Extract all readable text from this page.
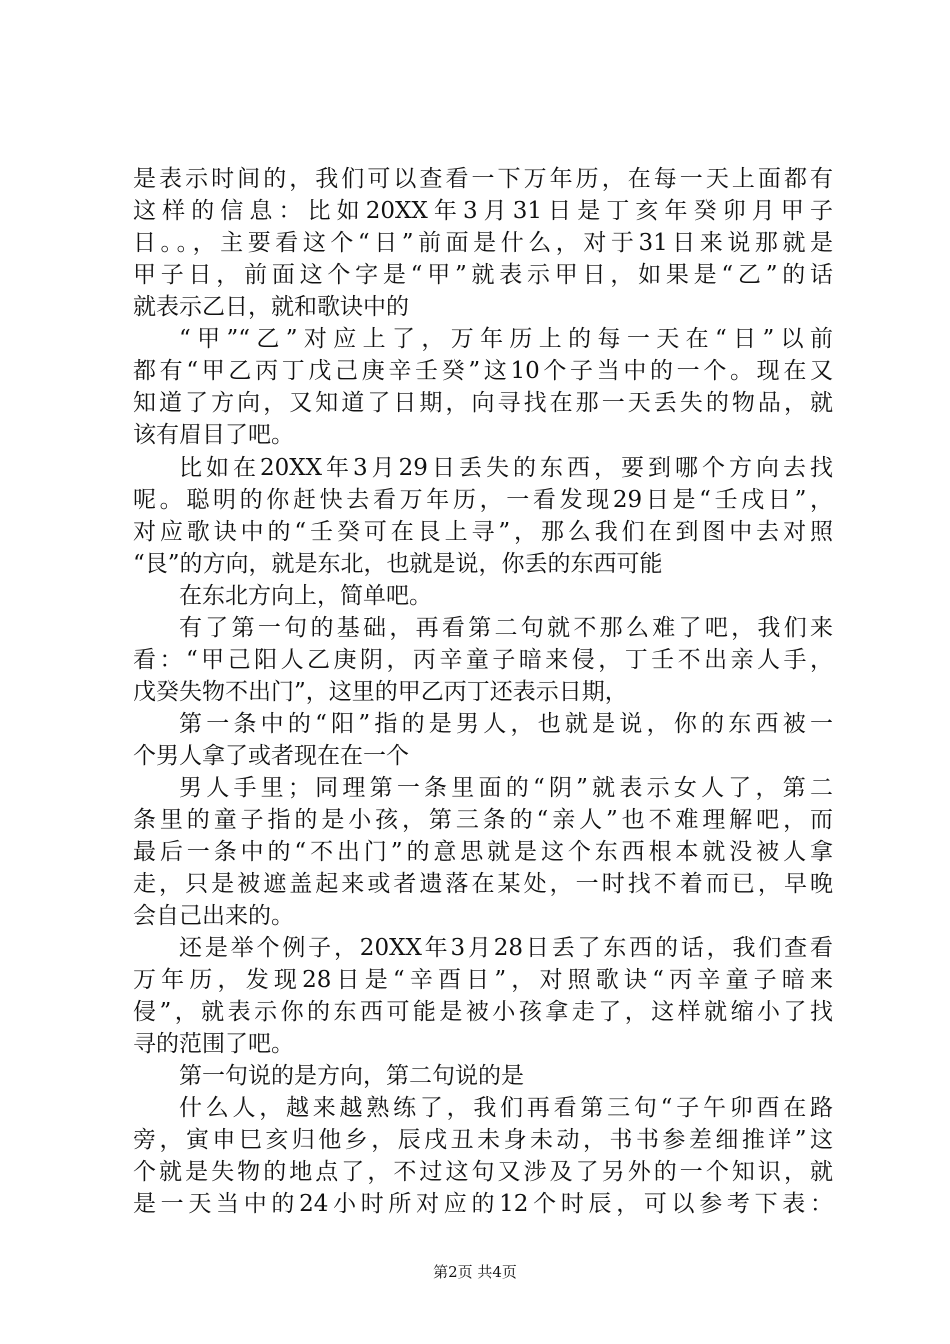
是表示时间的，我们可以查看一下万年历，在每一天上面都有
这样的信息：比如20XX年3月31日是丁亥年癸卯月甲子
日。。，主要看这个“日”前面是什么，对于31日来说那就是
甲子日，前面这个字是“甲”就表示甲日，如果是“乙”的话
就表示乙日，就和歌诀中的
“甲”“乙”对应上了，万年历上的每一天在“日”以前
都有“甲乙丙丁戊己庚辛壬癸”这10个子当中的一个。现在又
知道了方向，又知道了日期，向寻找在那一天丢失的物品，就
该有眉目了吧。
比如在20XX年3月29日丢失的东西，要到哪个方向去找
呢。聪明的你赶快去看万年历，一看发现29日是“壬戌日”，
对应歌诀中的“壬癸可在艮上寻”，那么我们在到图中去对照
“艮”的方向，就是东北，也就是说，你丢的东西可能
在东北方向上，简单吧。
有了第一句的基础，再看第二句就不那么难了吧，我们来
看：“甲己阳人乙庚阴，丙辛童子暗来侵，丁壬不出亲人手，
戊癸失物不出门”，这里的甲乙丙丁还表示日期，
第一条中的“阳”指的是男人，也就是说，你的东西被一
个男人拿了或者现在在一个
男人手里；同理第一条里面的“阴”就表示女人了，第二
条里的童子指的是小孩，第三条的“亲人”也不难理解吧，而
最后一条中的“不出门”的意思就是这个东西根本就没被人拿
走，只是被遮盖起来或者遗落在某处，一时找不着而已，早晚
会自己出来的。
还是举个例子，20XX年3月28日丢了东西的话，我们查看
万年历，发现28日是“辛酉日”，对照歌诀“丙辛童子暗来
侵”，就表示你的东西可能是被小孩拿走了，这样就缩小了找
寻的范围了吧。
第一句说的是方向，第二句说的是
什么人，越来越熟练了，我们再看第三句“子午卯酉在路
旁，寅申巳亥归他乡，辰戌丑未身未动，书书参差细推详”这
个就是失物的地点了，不过这句又涉及了另外的一个知识，就
是一天当中的24小时所对应的12个时辰，可以参考下表：
第2页 共4页
